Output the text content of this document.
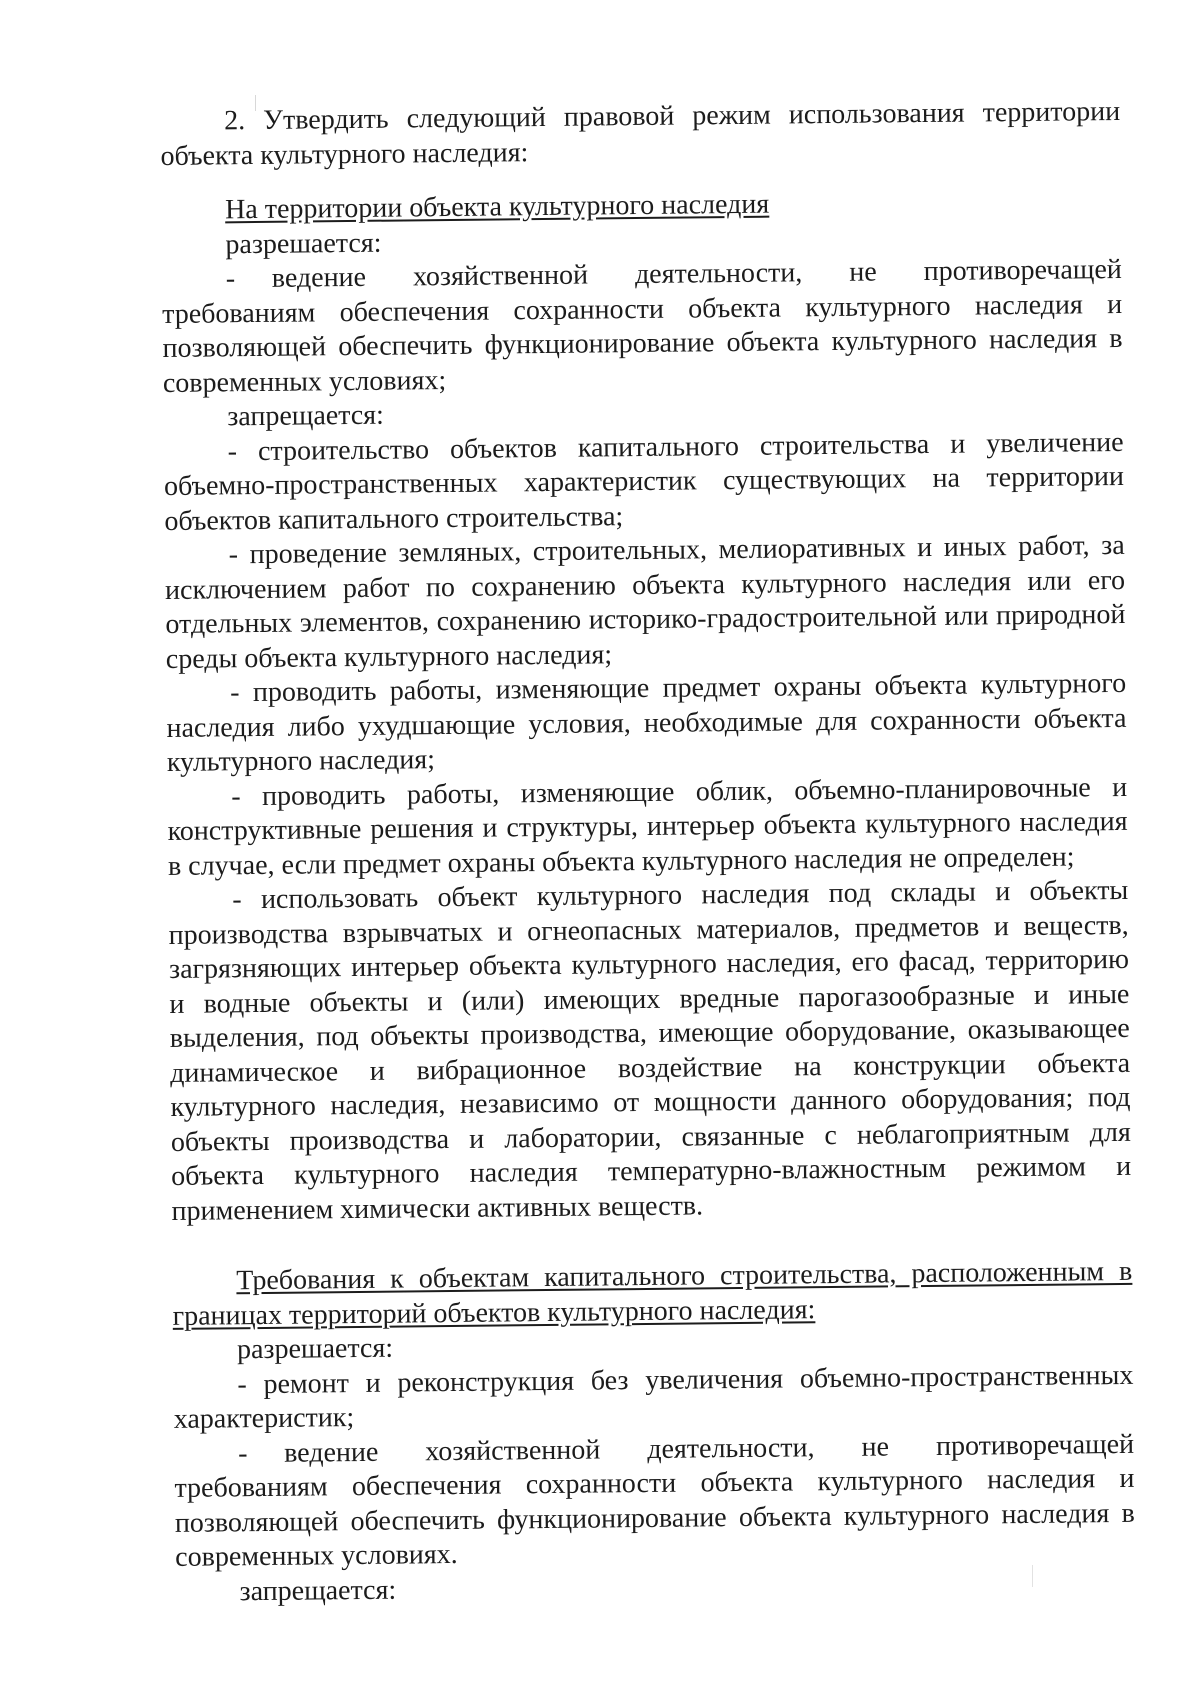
2. Утвердить следующий правовой режим использования территории объекта культурного наследия:

На территории объекта культурного наследия

разрешается:

- ведение хозяйственной деятельности, не противоречащей требованиям обеспечения сохранности объекта культурного наследия и позволяющей обеспечить функционирование объекта культурного наследия в современных условиях;

запрещается:

- строительство объектов капитального строительства и увеличение объемно-пространственных характеристик существующих на территории объектов капитального строительства;

- проведение земляных, строительных, мелиоративных и иных работ, за исключением работ по сохранению объекта культурного наследия или его отдельных элементов, сохранению историко-градостроительной или природной среды объекта культурного наследия;

- проводить работы, изменяющие предмет охраны объекта культурного наследия либо ухудшающие условия, необходимые для сохранности объекта культурного наследия;

- проводить работы, изменяющие облик, объемно-планировочные и конструктивные решения и структуры, интерьер объекта культурного наследия в случае, если предмет охраны объекта культурного наследия не определен;

- использовать объект культурного наследия под склады и объекты производства взрывчатых и огнеопасных материалов, предметов и веществ, загрязняющих интерьер объекта культурного наследия, его фасад, территорию и водные объекты и (или) имеющих вредные парогазообразные и иные выделения, под объекты производства, имеющие оборудование, оказывающее динамическое и вибрационное воздействие на конструкции объекта культурного наследия, независимо от мощности данного оборудования; под объекты производства и лаборатории, связанные с неблагоприятным для объекта культурного наследия температурно-влажностным режимом и применением химически активных веществ.

Требования к объектам капитального строительства, расположенным в границах территорий объектов культурного наследия:

разрешается:

- ремонт и реконструкция без увеличения объемно-пространственных характеристик;

- ведение хозяйственной деятельности, не противоречащей требованиям обеспечения сохранности объекта культурного наследия и позволяющей обеспечить функционирование объекта культурного наследия в современных условиях.

запрещается:
